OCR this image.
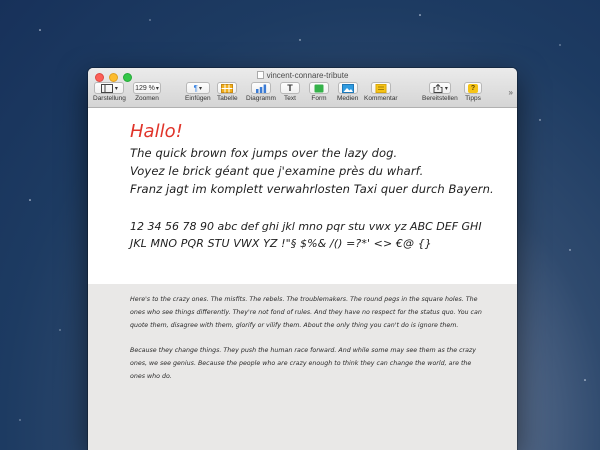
vincent-connare-tribute
▾
Darstellung
129 % ▾
Zoomen
¶ ▾
Einfügen Tabelle Diagramm
T
Text Form Medien Kommentar
▾
Bereitstellen
?
Tipps
»
Hallo!
The quick brown fox jumps over the lazy dog.
Voyez le brick géant que j'examine près du wharf.
Franz jagt im komplett verwahrlosten Taxi quer durch Bayern.
12 34 56 78 90 abc def ghi jkl mno pqr stu vwx yz ABC DEF GHI
JKL MNO PQR STU VWX YZ !"§ $%& /() =?*' <> €@ {}

Here's to the crazy ones. The misfits. The rebels. The troublemakers. The round pegs in the square holes. The ones who see things differently. They're not fond of rules. And they have no respect for the status quo. You can quote them, disagree with them, glorify or vilify them. About the only thing you can't do is ignore them.

Because they change things. They push the human race forward. And while some may see them as the crazy ones, we see genius. Because the people who are crazy enough to think they can change the world, are the ones who do.
